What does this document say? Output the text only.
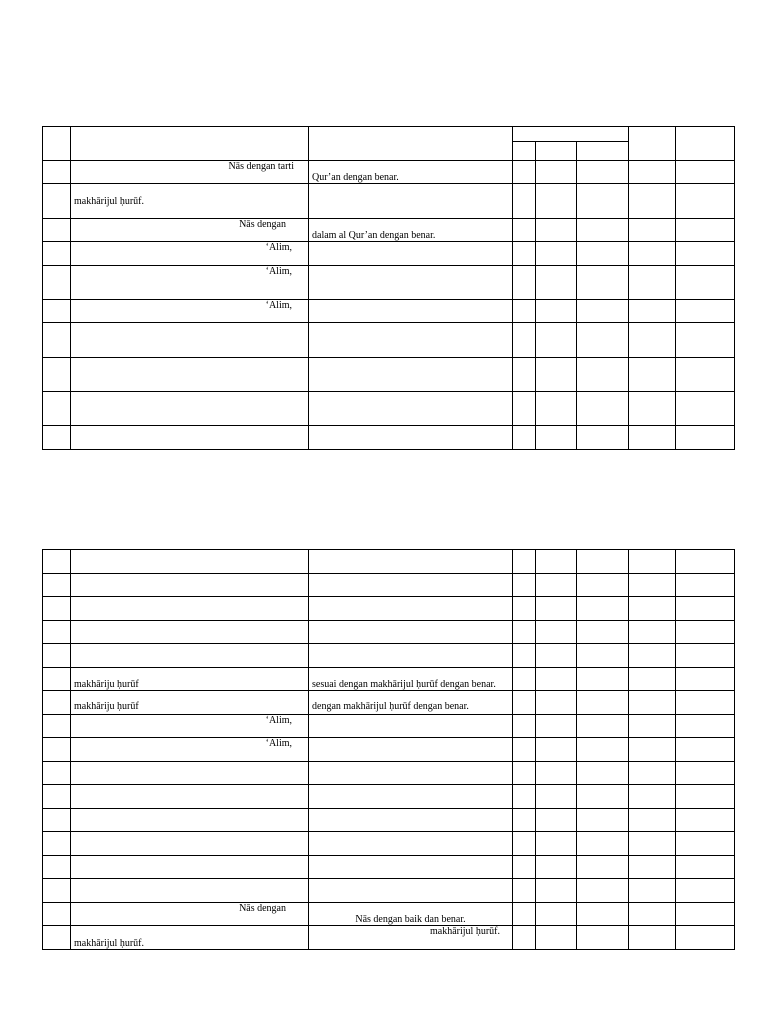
	Nās dengan tarti	Qur’an dengan benar.					

	makhārijul ḥurūf.						

	Nās dengan	dalam al Qur’an dengan benar.					

	‘Alim,						

	‘Alim,						

	‘Alim,						

	makhāriju ḥurūf	sesuai dengan makhārijul ḥurūf dengan benar.					

	makhāriju ḥurūf	dengan makhārijul ḥurūf dengan benar.					

	‘Alim,						

	‘Alim,						

	Nās dengan	Nās dengan baik dan benar.					

	makhārijul ḥurūf.	makhārijul ḥurūf.					
